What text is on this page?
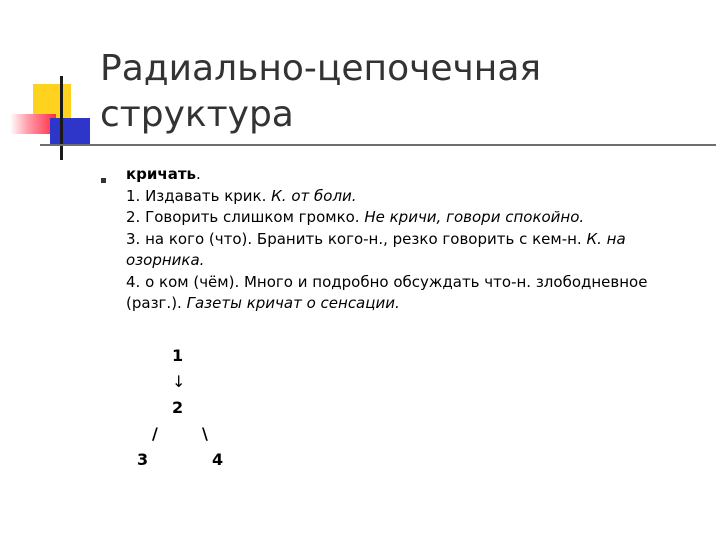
Радиально-цепочечная
структура
кричать.
1. Издавать крик. К. от боли.
2. Говорить слишком громко. Не кричи, говори спокойно.
3. на кого (что). Бранить кого-н., резко говорить с кем-н. К. на
озорника.
4. о ком (чём). Много и подробно обсуждать что-н. злободневное
(разг.). Газеты кричат о сенсации.
1
↓
2
/	\
3	4
